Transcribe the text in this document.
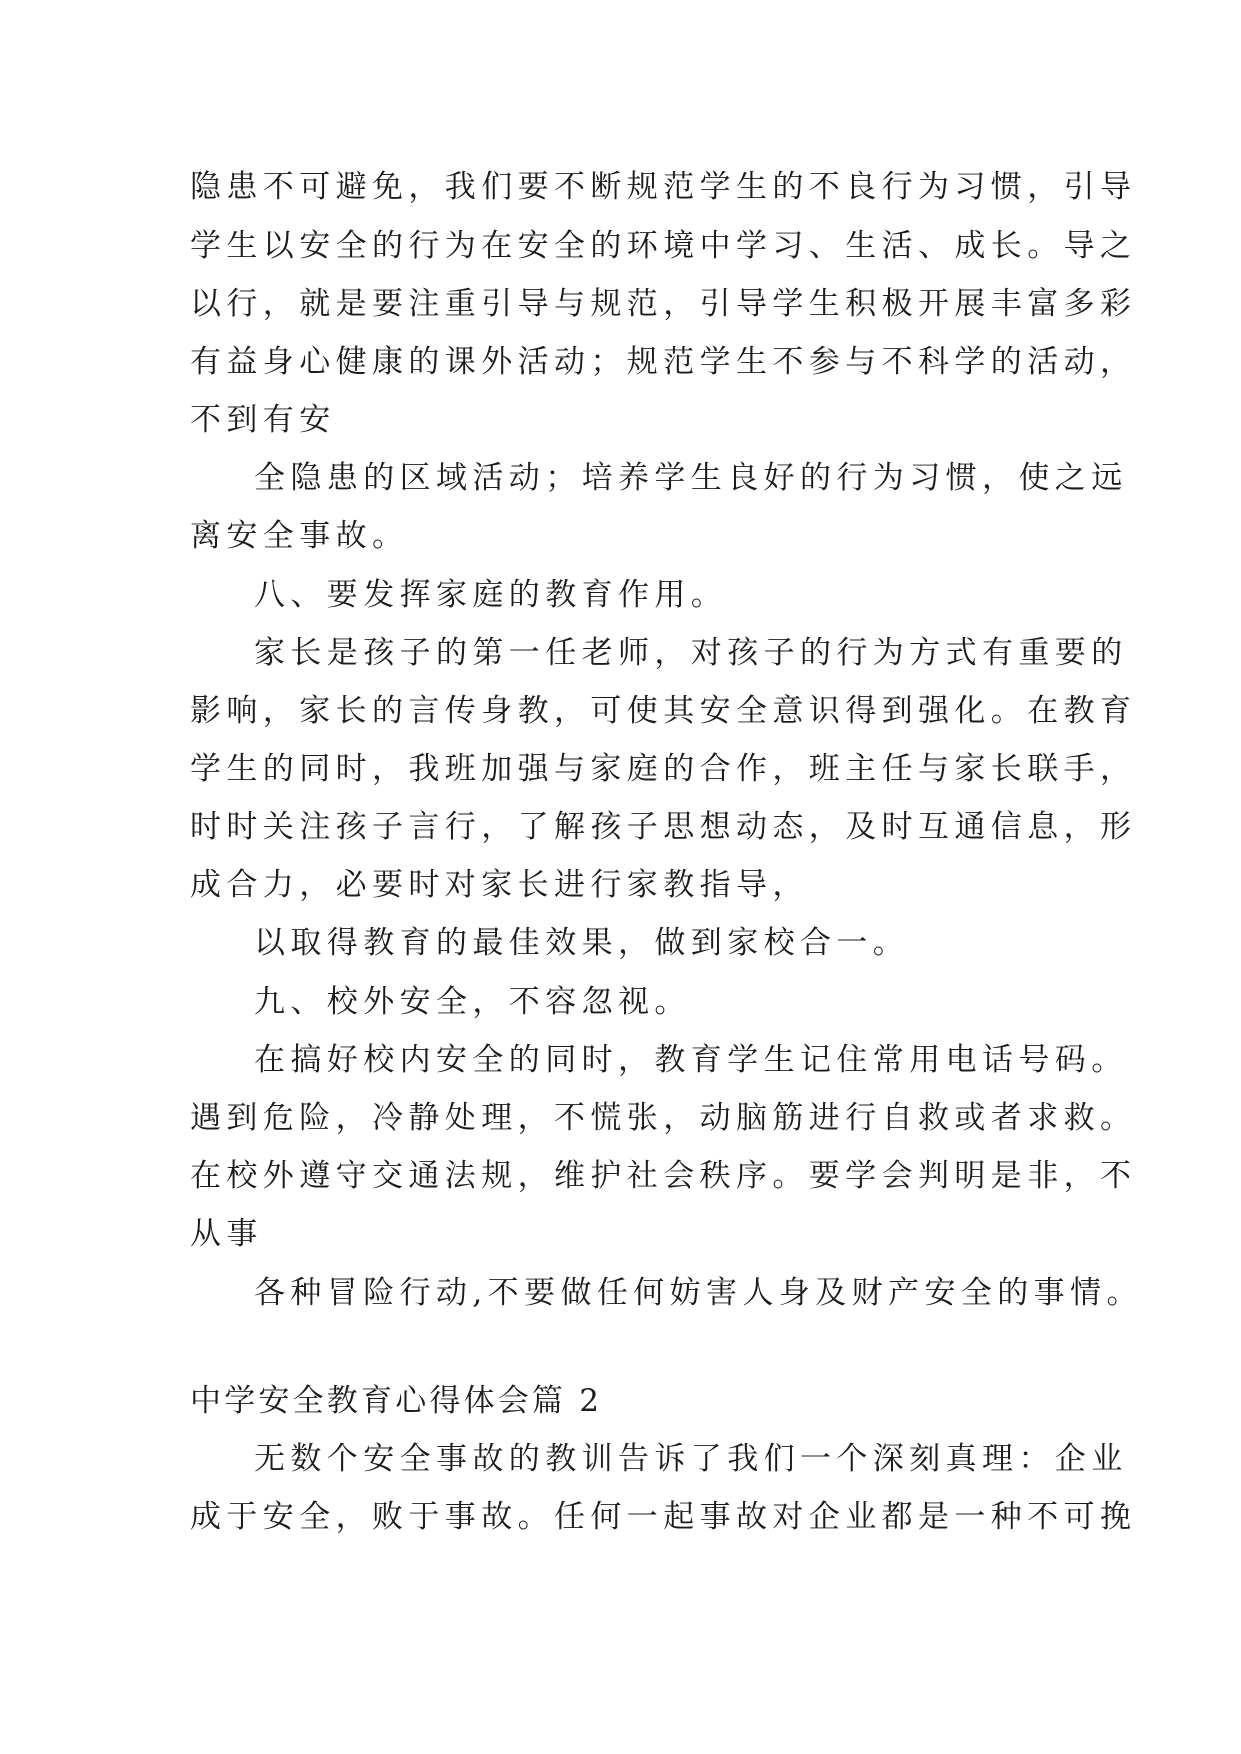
隐患不可避免，我们要不断规范学生的不良行为习惯，引导
学生以安全的行为在安全的环境中学习、生活、成长。导之
以行，就是要注重引导与规范，引导学生积极开展丰富多彩
有益身心健康的课外活动；规范学生不参与不科学的活动，
不到有安
全隐患的区域活动；培养学生良好的行为习惯，使之远
离安全事故。
八、要发挥家庭的教育作用。
家长是孩子的第一任老师，对孩子的行为方式有重要的
影响，家长的言传身教，可使其安全意识得到强化。在教育
学生的同时，我班加强与家庭的合作，班主任与家长联手，
时时关注孩子言行，了解孩子思想动态，及时互通信息，形
成合力，必要时对家长进行家教指导，
以取得教育的最佳效果，做到家校合一。
九、校外安全，不容忽视。
在搞好校内安全的同时，教育学生记住常用电话号码。
遇到危险，冷静处理，不慌张，动脑筋进行自救或者求救。
在校外遵守交通法规，维护社会秩序。要学会判明是非，不
从事
各种冒险行动,不要做任何妨害人身及财产安全的事情。
中学安全教育心得体会篇 2
无数个安全事故的教训告诉了我们一个深刻真理：企业
成于安全，败于事故。任何一起事故对企业都是一种不可挽
